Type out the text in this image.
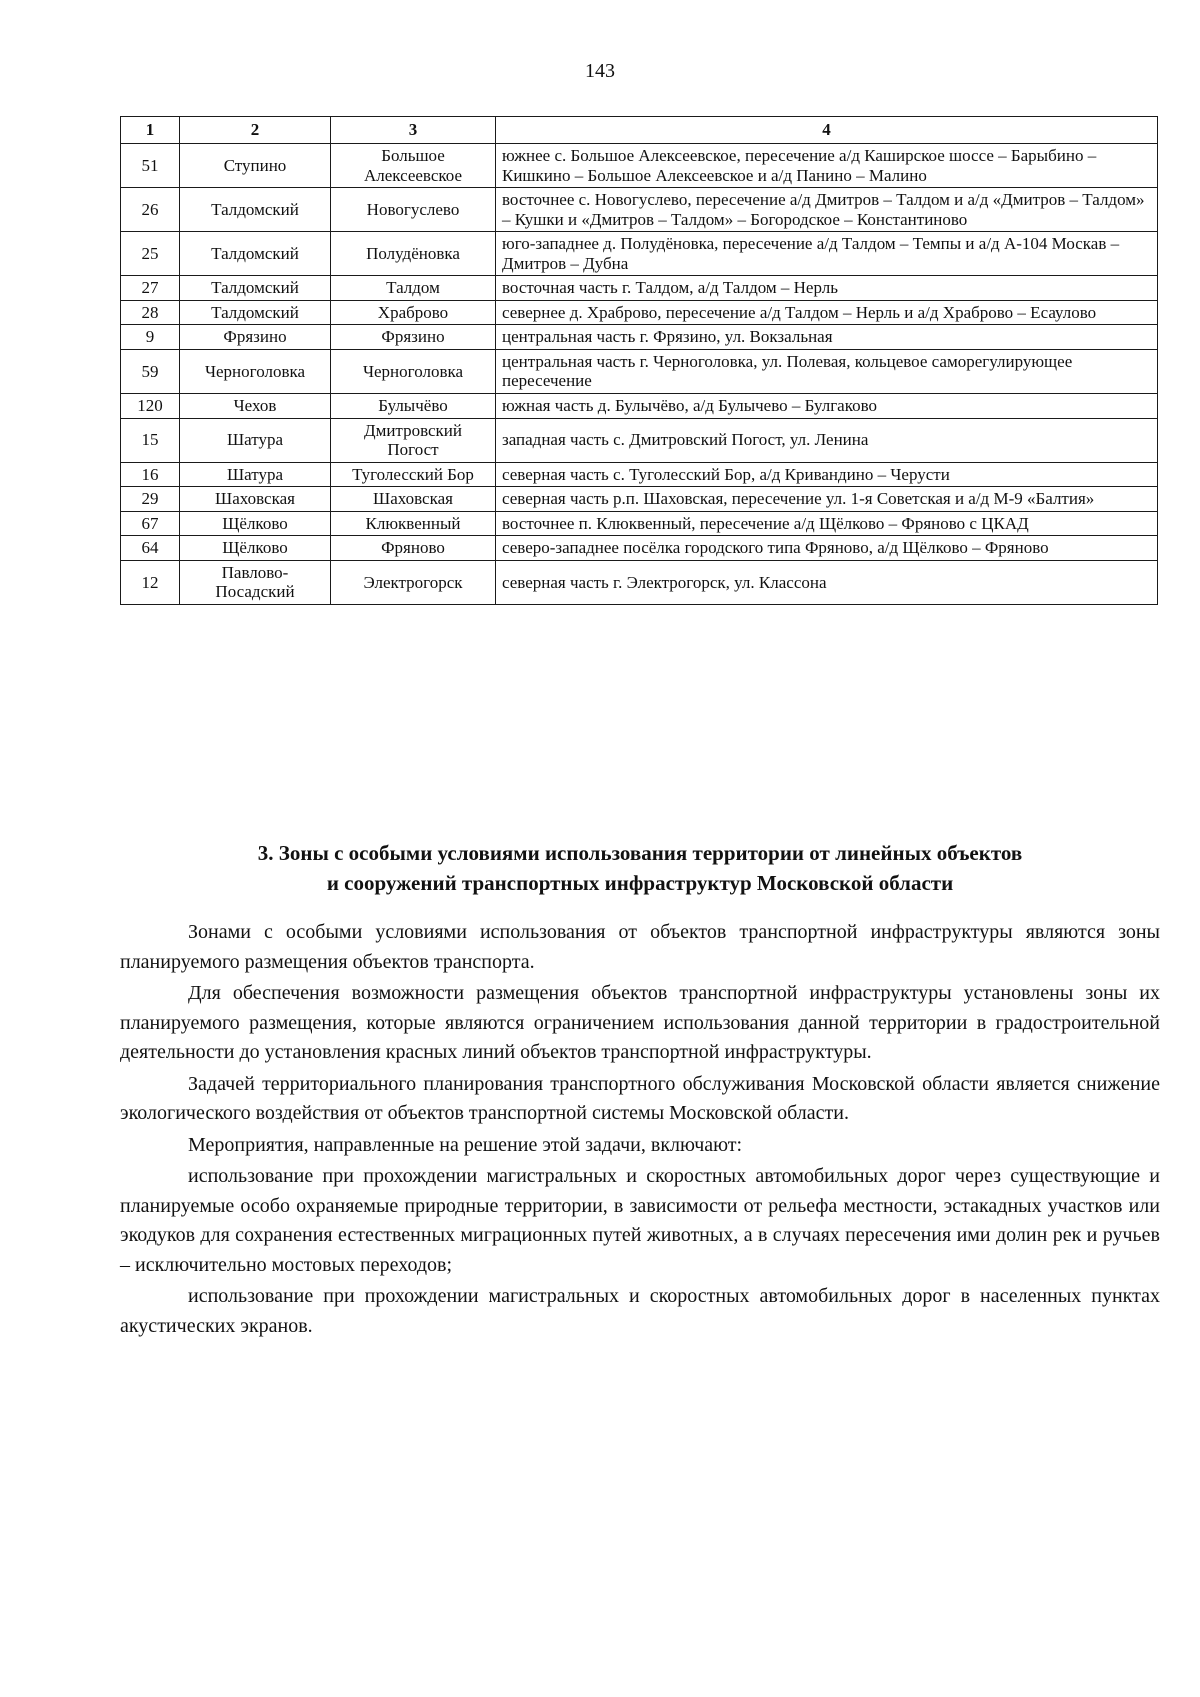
143
1	2	3	4
51	Ступино	Большое Алексеевское	южнее с. Большое Алексеевское, пересечение а/д Каширское шоссе – Барыбино – Кишкино – Большое Алексеевское и а/д Панино – Малино
26	Талдомский	Новогуслево	восточнее с. Новогуслево, пересечение а/д Дмитров – Талдом и а/д «Дмитров – Талдом» – Кушки и «Дмитров – Талдом» – Богородское – Константиново
25	Талдомский	Полудёновка	юго-западнее д. Полудёновка, пересечение а/д Талдом – Темпы и а/д А-104 Москав – Дмитров – Дубна
27	Талдомский	Талдом	восточная часть г. Талдом, а/д Талдом – Нерль
28	Талдомский	Храброво	севернее д. Храброво, пересечение а/д Талдом – Нерль и а/д Храброво – Есаулово
9	Фрязино	Фрязино	центральная часть г. Фрязино, ул. Вокзальная
59	Черноголовка	Черноголовка	центральная часть г. Черноголовка, ул. Полевая, кольцевое саморегулирующее пересечение
120	Чехов	Булычёво	южная часть д. Булычёво, а/д Булычево – Булгаково
15	Шатура	Дмитровский Погост	западная часть с. Дмитровский Погост, ул. Ленина
16	Шатура	Туголесский Бор	северная часть с. Туголесский Бор, а/д Кривандино – Черусти
29	Шаховская	Шаховская	северная часть р.п. Шаховская, пересечение ул. 1-я Советская и а/д М-9 «Балтия»
67	Щёлково	Клюквенный	восточнее п. Клюквенный, пересечение а/д Щёлково – Фряново с ЦКАД
64	Щёлково	Фряново	северо-западнее посёлка городского типа Фряново, а/д Щёлково – Фряново
12	Павлово-Посадский	Электрогорск	северная часть г. Электрогорск, ул. Классона
3. Зоны с особыми условиями использования территории от линейных объектов
и сооружений транспортных инфраструктур Московской области

Зонами с особыми условиями использования от объектов транспортной инфраструктуры являются зоны планируемого размещения объектов транспорта.

Для обеспечения возможности размещения объектов транспортной инфраструктуры установлены зоны их планируемого размещения, которые являются ограничением использования данной территории в градостроительной деятельности до установления красных линий объектов транспортной инфраструктуры.

Задачей территориального планирования транспортного обслуживания Московской области является снижение экологического воздействия от объектов транспортной системы Московской области.

Мероприятия, направленные на решение этой задачи, включают:

использование при прохождении магистральных и скоростных автомобильных дорог через существующие и планируемые особо охраняемые природные территории, в зависимости от рельефа местности, эстакадных участков или экодуков для сохранения естественных миграционных путей животных, а в случаях пересечения ими долин рек и ручьев – исключительно мостовых переходов;

использование при прохождении магистральных и скоростных автомобильных дорог в населенных пунктах акустических экранов.
